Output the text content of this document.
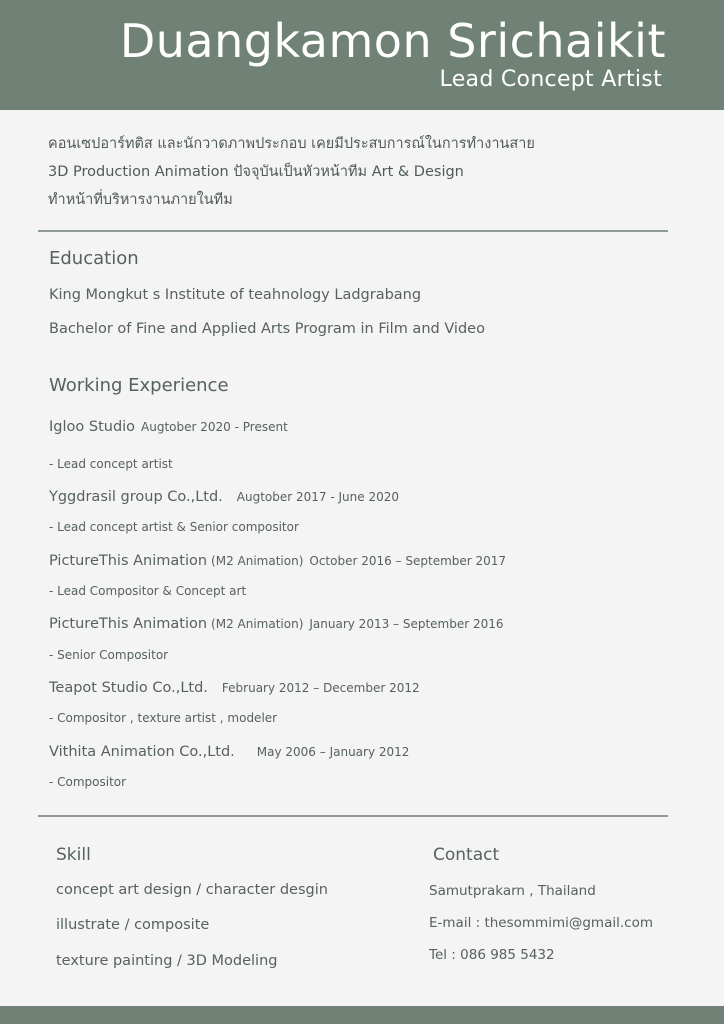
Duangkamon Srichaikit
Lead Concept Artist
คอนเซปอาร์ทติส และนักวาดภาพประกอบ เคยมีประสบการณ์ในการทำงานสาย
3D Production Animation ปัจจุบันเป็นหัวหน้าทีม Art & Design
ทำหน้าที่บริหารงานภายในทีม
Education
King Mongkut s Institute of teahnology Ladgrabang
Bachelor of Fine and Applied Arts Program in Film and Video
Working Experience
Igloo Studio Augtober 2020 - Present
- Lead concept artist
Yggdrasil group Co.,Ltd. Augtober 2017 - June 2020
- Lead concept artist & Senior compositor
PictureThis Animation (M2 Animation) October 2016 – September 2017
- Lead Compositor & Concept art
PictureThis Animation (M2 Animation) January 2013 – September 2016
- Senior Compositor
Teapot Studio Co.,Ltd. February 2012 – December 2012
- Compositor , texture artist , modeler
Vithita Animation Co.,Ltd. May 2006 – January 2012
- Compositor
Skill
concept art design / character desgin
illustrate / composite
texture painting / 3D Modeling
Contact
Samutprakarn , Thailand
E-mail : thesommimi@gmail.com
Tel : 086 985 5432
